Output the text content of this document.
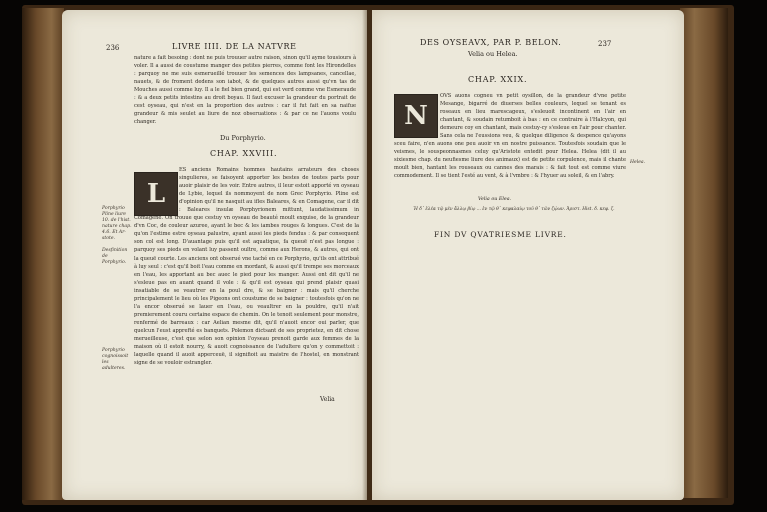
236	LIVRE IIII. DE LA NATVRE
nature a fait besoing : dont ne puis trouuer autre raison, sinon qu'il ayme tousiours à voler. Il a aussi de coustume manger des petites pierres, comme font les Hirondelles : parquoy ne me suis esmerueillé trouuer les semences des lampsanes, cancellae, nauets, & de froment dedens son iabot, & de quelques autres aussi qu'vn tas de Mouches aussi comme luy. Il a le fiel bien grand, qui est verd comme vne Esmeraude : & a deux petits intestins au droit boyau. Il faut excuser la grandeur du portrait de cest oyseau, qui n'est en la proportion des autres : car il fut fait en sa naifue grandeur & mis seulet au liure de noz obseruations : & par ce ne l'auons voulu changer.
Du Porphyrio.
CHAP. XXVIII.
L
ES anciens Romains hommes hautains arrateurs des choses singulieres, se faisoyent apporter les bestes de toutes parts pour auoir plaisir de les voir. Entre autres, il leur estoit apporté vn oyseau de Lybie, lequel ils nommoyent de nom Grec Porphyrio. Pline est d'opinion qu'il ne nasquit au ifles Baleares, & en Comagene, car il dit : Baleares insulæ Porphyrionem mittunt, laudatissimum in Comagene. On trouue que cestuy vn oyseau de beauté moult exquise, de la grandeur d'vn Coc, de couleur azuree, ayant le bec & les iambes rouges & longues. C'est de la qu'on l'estime estre oyseau palustre, ayant aussi les pieds fendus : & par consequent son col est long. D'auantage puis qu'il est aquatique, fa queuë n'est pas longue : parquoy ses pieds en volant luy passent oultre, comme aux Herons, & autres, qui ont la queuë courte. Les anciens ont obserué vne taché en ce Porphyrio, qu'ils ont attribué à luy seul : c'est qu'il boit l'eau comme en mordant, & aussi qu'il trempe ses morceaux en l'eau, les apportant au bec auec le pied pour les manger. Aussi ont dit qu'il ne s'esleue pas en auant quand il vole : & qu'il est oyseau qui prend plaisir quasi insatiable de se veautrer en la poul dre, & se baigner : mais qu'il cherche principalement le lieu où les Pigeons ont coustume de se baigner : toutesfois qu'on ne l'a encor obserué se lauer en l'eau, ou veaultrer en la pouldre, qu'il n'ait premierement couru certaine espace de chemin. On le tenoit seulement pour monstre, renfermé de barreaux : car Aelian mesme dit, qu'il n'auoit encor oui parler, que quelcun l'eust apprefté es banquets. Polemon dictsant de ses proprietez, en dit chose merueilleuse, c'est que selon son opinion l'oyseau prenoit garde aux femmes de la maison où il estoit nourry, & auoit cognoissance de l'adultere qu'on y commettoit : laquelle quand il auoit apperceuë, il signifioit au maistre de l'hostel, en monstrant signe de se vouloir estrangler.
Porphyrio Pline liure 10. de l'hist. nature chap. 4.6. Et Ar-stote.
Desfinition de Porphyrio.
Porphyrio cognoissoit les adulteres.
Velia
DES OYSEAVX, PAR P. BELON.	237
Velia ou Helea.
CHAP. XXIX.
N
OVS auons cogneu vn petit oysillon, de la grandeur d'vne petite Mesange, bigarré de diuerses belles couleurs, lequel se tenant es roseaux en lieu marescageux, s'esleuoit incontinent en l'air en chantant, & soudain retumboit à bas : en ce contraire à l'Halcyon, qui demeure coy en chantant, mais cestuy-cy s'esleue en l'air pour chanter. Sans cela ne l'eussions veu, & quelque diligence & despence qu'ayons sceu faire, n'en auons one peu auoir vn en nostre puissance. Toutesfois soudain que le veismes, le souspeonnasmes celuy qu'Aristote entedit pour Helea. Helea (dit il au sixiesme chap. du neufiesme liure des animaux) est de petite corpulence, mais il chante moult bien, hantant les rouseaux ou cannes des marais : & fait tout est comme viure commodement. Il se tient l'esté au vent, & à l'vmbre : & l'hyuer au soleil, & en l'abry.
Helea.
Velia ou Elea.
Ἡ δ᾽ ἐλέα τῷ μὲν ἄλλῳ βίῳ ... ἐν τῷ θ᾽ κεφαλαίῳ τοῦ θ᾽ τῶν ζῴων. Ἀριστ. Hist. δ. κεφ. ζ.
FIN DV QVATRIESME LIVRE.
